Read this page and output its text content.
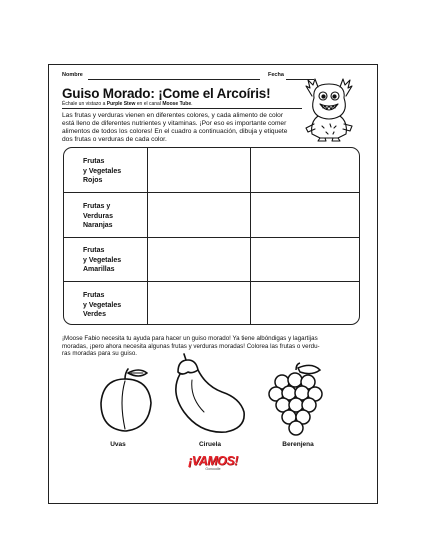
Nombre	Fecha
Guiso Morado: ¡Come el Arcoíris!
Échale un vistazo a Purple Stew en el canal Moose Tube.
Las frutas y verduras vienen en diferentes colores, y cada alimento de color
está lleno de diferentes nutrientes y vitaminas. ¡Por eso es importante comer
alimentos de todos los colores! En el cuadro a continuación, dibuja y etiquete
dos frutas o verduras de cada color.
Frutas
y Vegetales
Rojos
Frutas y
Verduras
Naranjas
Frutas
y Vegetales
Amarillas
Frutas
y Vegetales
Verdes
¡Moose Fabio necesita tu ayuda para hacer un guiso morado! Ya tiene albóndigas y lagartijas
moradas, ¡pero ahora necesita algunas frutas y verduras moradas! Colorea las frutas o verdu-
ras moradas para su guiso.
Uvas	Ciruela	Berenjena
¡VAMOS!
Gonoodle
